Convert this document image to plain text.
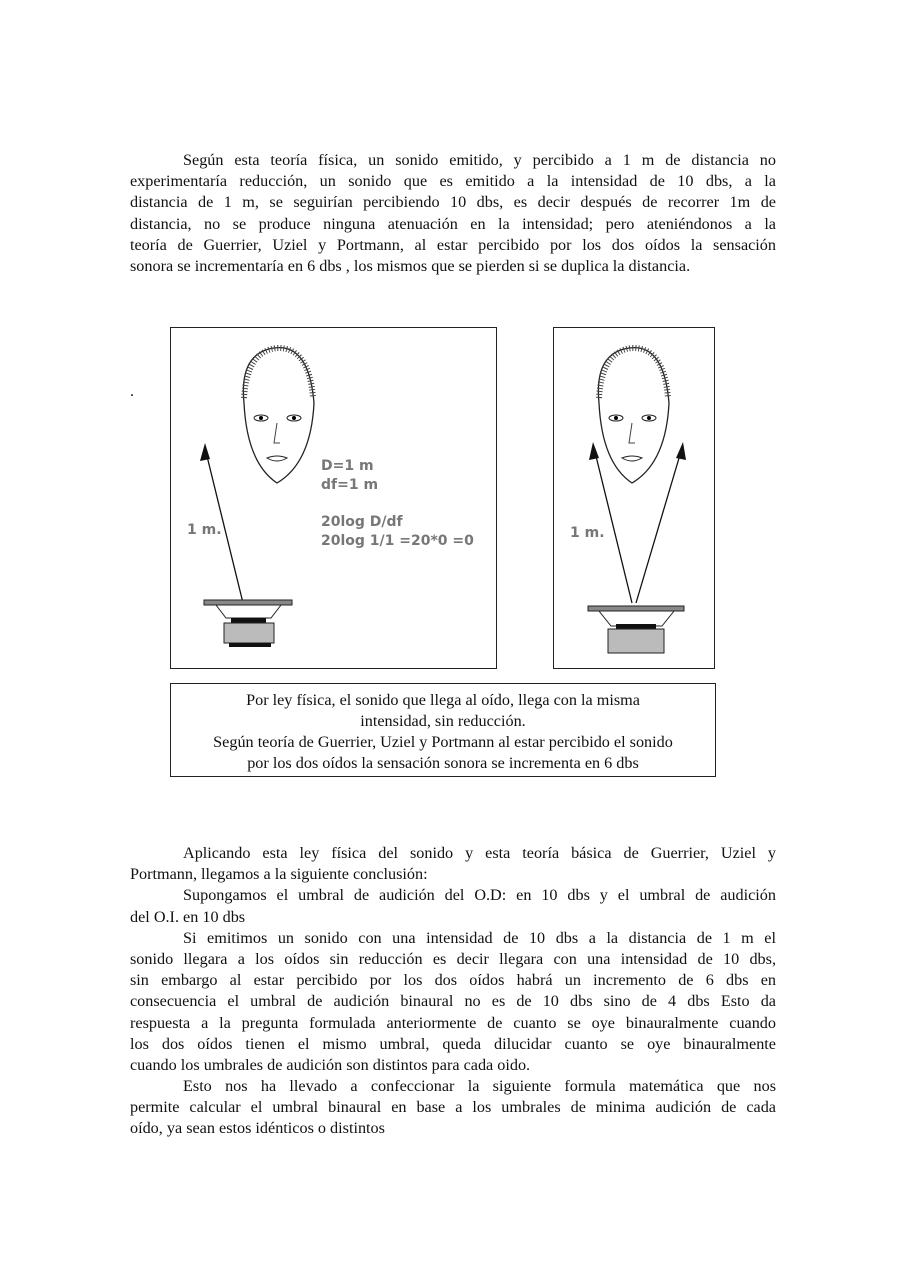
Según esta teoría física, un sonido emitido, y percibido a 1 m de distancia no
experimentaría reducción, un sonido que es emitido a la intensidad de 10 dbs, a la
distancia de 1 m, se seguirían percibiendo 10 dbs, es decir después de recorrer 1m de
distancia, no se produce ninguna atenuación en la intensidad; pero ateniéndonos a la
teoría de Guerrier, Uziel y Portmann, al estar percibido por los dos oídos la sensación
sonora se incrementaría en 6 dbs , los mismos que se pierden si se duplica la distancia.
.
1 m.
D=1 m
df=1 m
20log D/df
20log 1/1 =20*0 =0	1 m.
Por ley física, el sonido que llega al oído, llega con la misma
intensidad, sin reducción.
Según teoría de Guerrier, Uziel y Portmann al estar percibido el sonido
por los dos oídos la sensación sonora se incrementa en 6 dbs
Aplicando esta ley física del sonido y esta teoría básica de Guerrier, Uziel y
Portmann, llegamos a la siguiente conclusión:
Supongamos el umbral de audición del O.D: en 10 dbs y el umbral de audición
del O.I. en 10 dbs
Si emitimos un sonido con una intensidad de 10 dbs a la distancia de 1 m el
sonido llegara a los oídos sin reducción es decir llegara con una intensidad de 10 dbs,
sin embargo al estar percibido por los dos oídos habrá un incremento de 6 dbs en
consecuencia el umbral de audición binaural no es de 10 dbs sino de 4 dbs Esto da
respuesta a la pregunta formulada anteriormente de cuanto se oye binauralmente cuando
los dos oídos tienen el mismo umbral, queda dilucidar cuanto se oye binauralmente
cuando los umbrales de audición son distintos para cada oido.
Esto nos ha llevado a confeccionar la siguiente formula matemática que nos
permite calcular el umbral binaural en base a los umbrales de minima audición de cada
oído, ya sean estos idénticos o distintos
